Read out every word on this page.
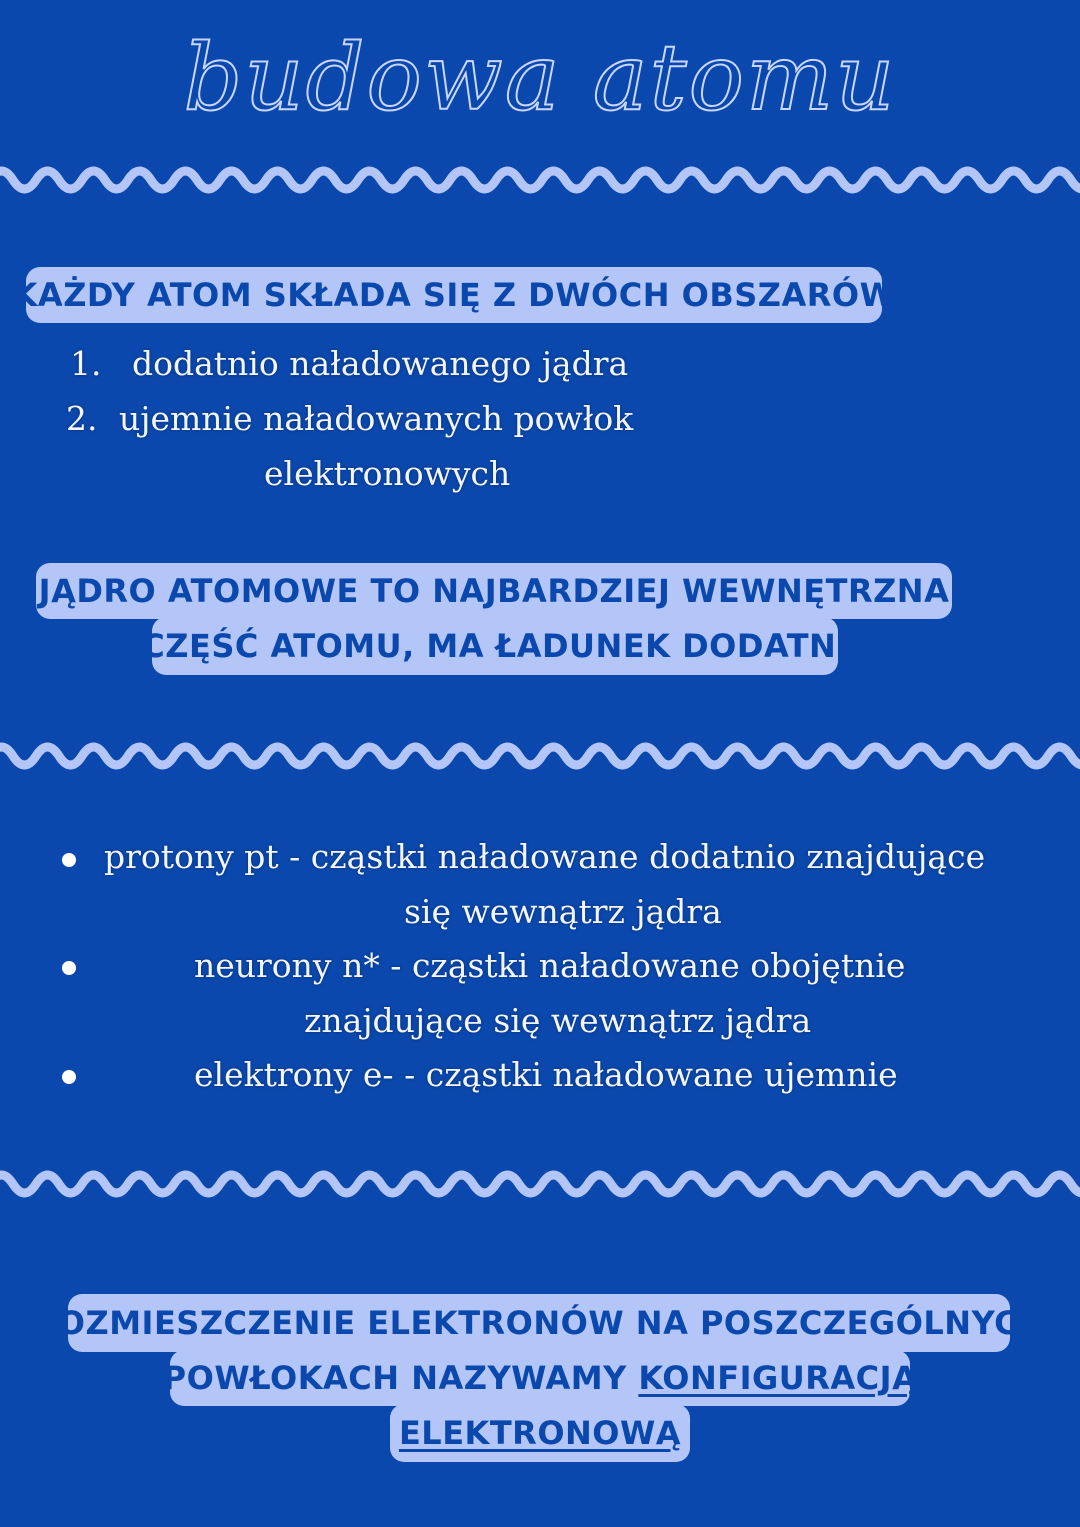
budowa atomu
KAŻDY ATOM SKŁADA SIĘ Z DWÓCH OBSZARÓW
1. dodatnio naładowanego jądra
2. ujemnie naładowanych powłok
elektronowych
JĄDRO ATOMOWE TO NAJBARDZIEJ WEWNĘTRZNA
CZĘŚĆ ATOMU, MA ŁADUNEK DODATNI
protony pt - cząstki naładowane dodatnio znajdujące
się wewnątrz jądra
neurony n* - cząstki naładowane obojętnie
znajdujące się wewnątrz jądra
elektrony e- - cząstki naładowane ujemnie
ROZMIESZCZENIE ELEKTRONÓW NA POSZCZEGÓLNYCH
POWŁOKACH NAZYWAMY
KONFIGURACJĄ
ELEKTRONOWĄ
